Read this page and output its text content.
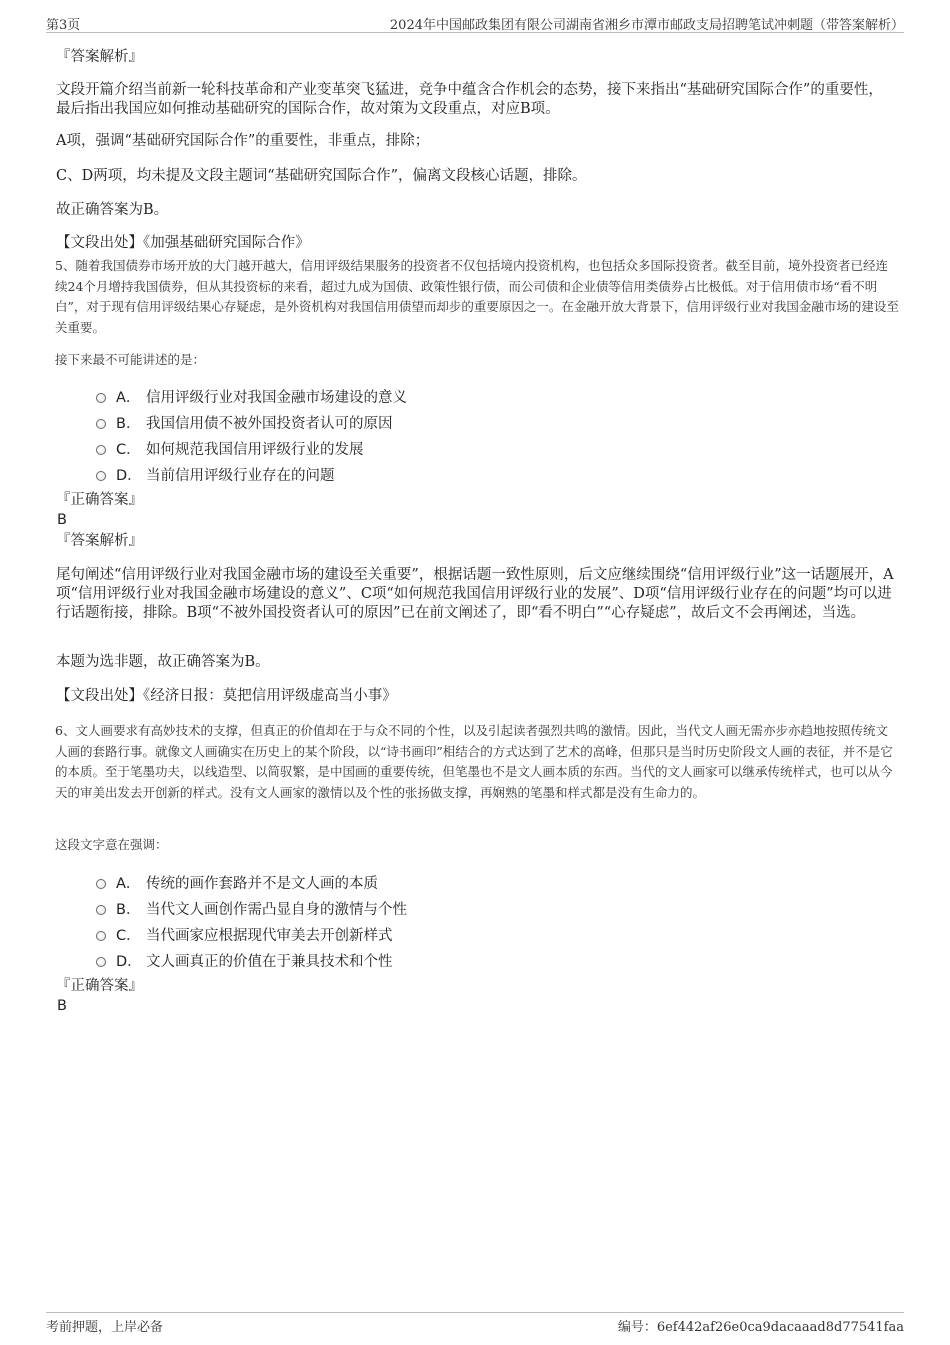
第3页	2024年中国邮政集团有限公司湖南省湘乡市潭市邮政支局招聘笔试冲刺题（带答案解析）
『答案解析』
文段开篇介绍当前新一轮科技革命和产业变革突飞猛进，竞争中蕴含合作机会的态势，接下来指出“基础研究国际合作”的重要性，最后指出我国应如何推动基础研究的国际合作，故对策为文段重点，对应B项。
A项，强调“基础研究国际合作”的重要性，非重点，排除；
C、D两项，均未提及文段主题词“基础研究国际合作”，偏离文段核心话题，排除。
故正确答案为B。
【文段出处】《加强基础研究国际合作》
5、随着我国债券市场开放的大门越开越大，信用评级结果服务的投资者不仅包括境内投资机构，也包括众多国际投资者。截至目前，境外投资者已经连续24个月增持我国债券，但从其投资标的来看，超过九成为国债、政策性银行债，而公司债和企业债等信用类债券占比极低。对于信用债市场“看不明白”，对于现有信用评级结果心存疑虑，是外资机构对我国信用债望而却步的重要原因之一。在金融开放大背景下，信用评级行业对我国金融市场的建设至关重要。
接下来最不可能讲述的是：
A． 信用评级行业对我国金融市场建设的意义
B． 我国信用债不被外国投资者认可的原因
C． 如何规范我国信用评级行业的发展
D． 当前信用评级行业存在的问题
『正确答案』
B
『答案解析』
尾句阐述“信用评级行业对我国金融市场的建设至关重要”，根据话题一致性原则，后文应继续围绕“信用评级行业”这一话题展开，A项“信用评级行业对我国金融市场建设的意义”、C项“如何规范我国信用评级行业的发展”、D项“信用评级行业存在的问题”均可以进行话题衔接，排除。B项“不被外国投资者认可的原因”已在前文阐述了，即“看不明白”“心存疑虑”，故后文不会再阐述，当选。
本题为选非题，故正确答案为B。
【文段出处】《经济日报：莫把信用评级虚高当小事》
6、文人画要求有高妙技术的支撑，但真正的价值却在于与众不同的个性，以及引起读者强烈共鸣的激情。因此，当代文人画无需亦步亦趋地按照传统文人画的套路行事。就像文人画确实在历史上的某个阶段，以“诗书画印”相结合的方式达到了艺术的高峰，但那只是当时历史阶段文人画的表征，并不是它的本质。至于笔墨功夫，以线造型、以简驭繁，是中国画的重要传统，但笔墨也不是文人画本质的东西。当代的文人画家可以继承传统样式，也可以从今天的审美出发去开创新的样式。没有文人画家的激情以及个性的张扬做支撑，再娴熟的笔墨和样式都是没有生命力的。
这段文字意在强调：
A． 传统的画作套路并不是文人画的本质
B． 当代文人画创作需凸显自身的激情与个性
C． 当代画家应根据现代审美去开创新样式
D． 文人画真正的价值在于兼具技术和个性
『正确答案』
B
考前押题，上岸必备	编号：6ef442af26e0ca9dacaaad8d77541faa
